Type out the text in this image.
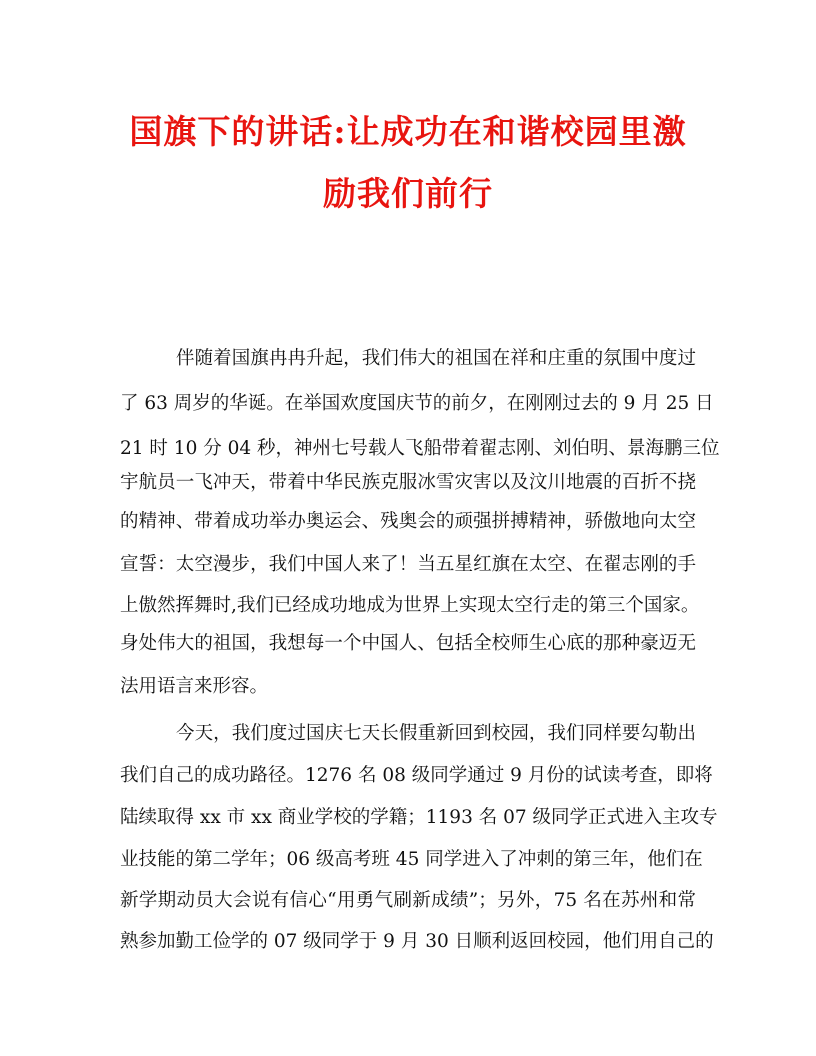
国旗下的讲话:让成功在和谐校园里激
励我们前行
伴随着国旗冉冉升起，我们伟大的祖国在祥和庄重的氛围中度过
了 63 周岁的华诞。在举国欢度国庆节的前夕，在刚刚过去的 9 月 25 日
21 时 10 分 04 秒，神州七号载人飞船带着翟志刚、刘伯明、景海鹏三位
宇航员一飞冲天，带着中华民族克服冰雪灾害以及汶川地震的百折不挠
的精神、带着成功举办奥运会、残奥会的顽强拼搏精神，骄傲地向太空
宣誓：太空漫步，我们中国人来了！当五星红旗在太空、在翟志刚的手
上傲然挥舞时,我们已经成功地成为世界上实现太空行走的第三个国家。
身处伟大的祖国，我想每一个中国人、包括全校师生心底的那种豪迈无
法用语言来形容。
今天，我们度过国庆七天长假重新回到校园，我们同样要勾勒出
我们自己的成功路径。1276 名 08 级同学通过 9 月份的试读考查，即将
陆续取得 xx 市 xx 商业学校的学籍；1193 名 07 级同学正式进入主攻专
业技能的第二学年；06 级高考班 45 同学进入了冲刺的第三年，他们在
新学期动员大会说有信心“用勇气刷新成绩”；另外，75 名在苏州和常
熟参加勤工俭学的 07 级同学于 9 月 30 日顺利返回校园，他们用自己的
